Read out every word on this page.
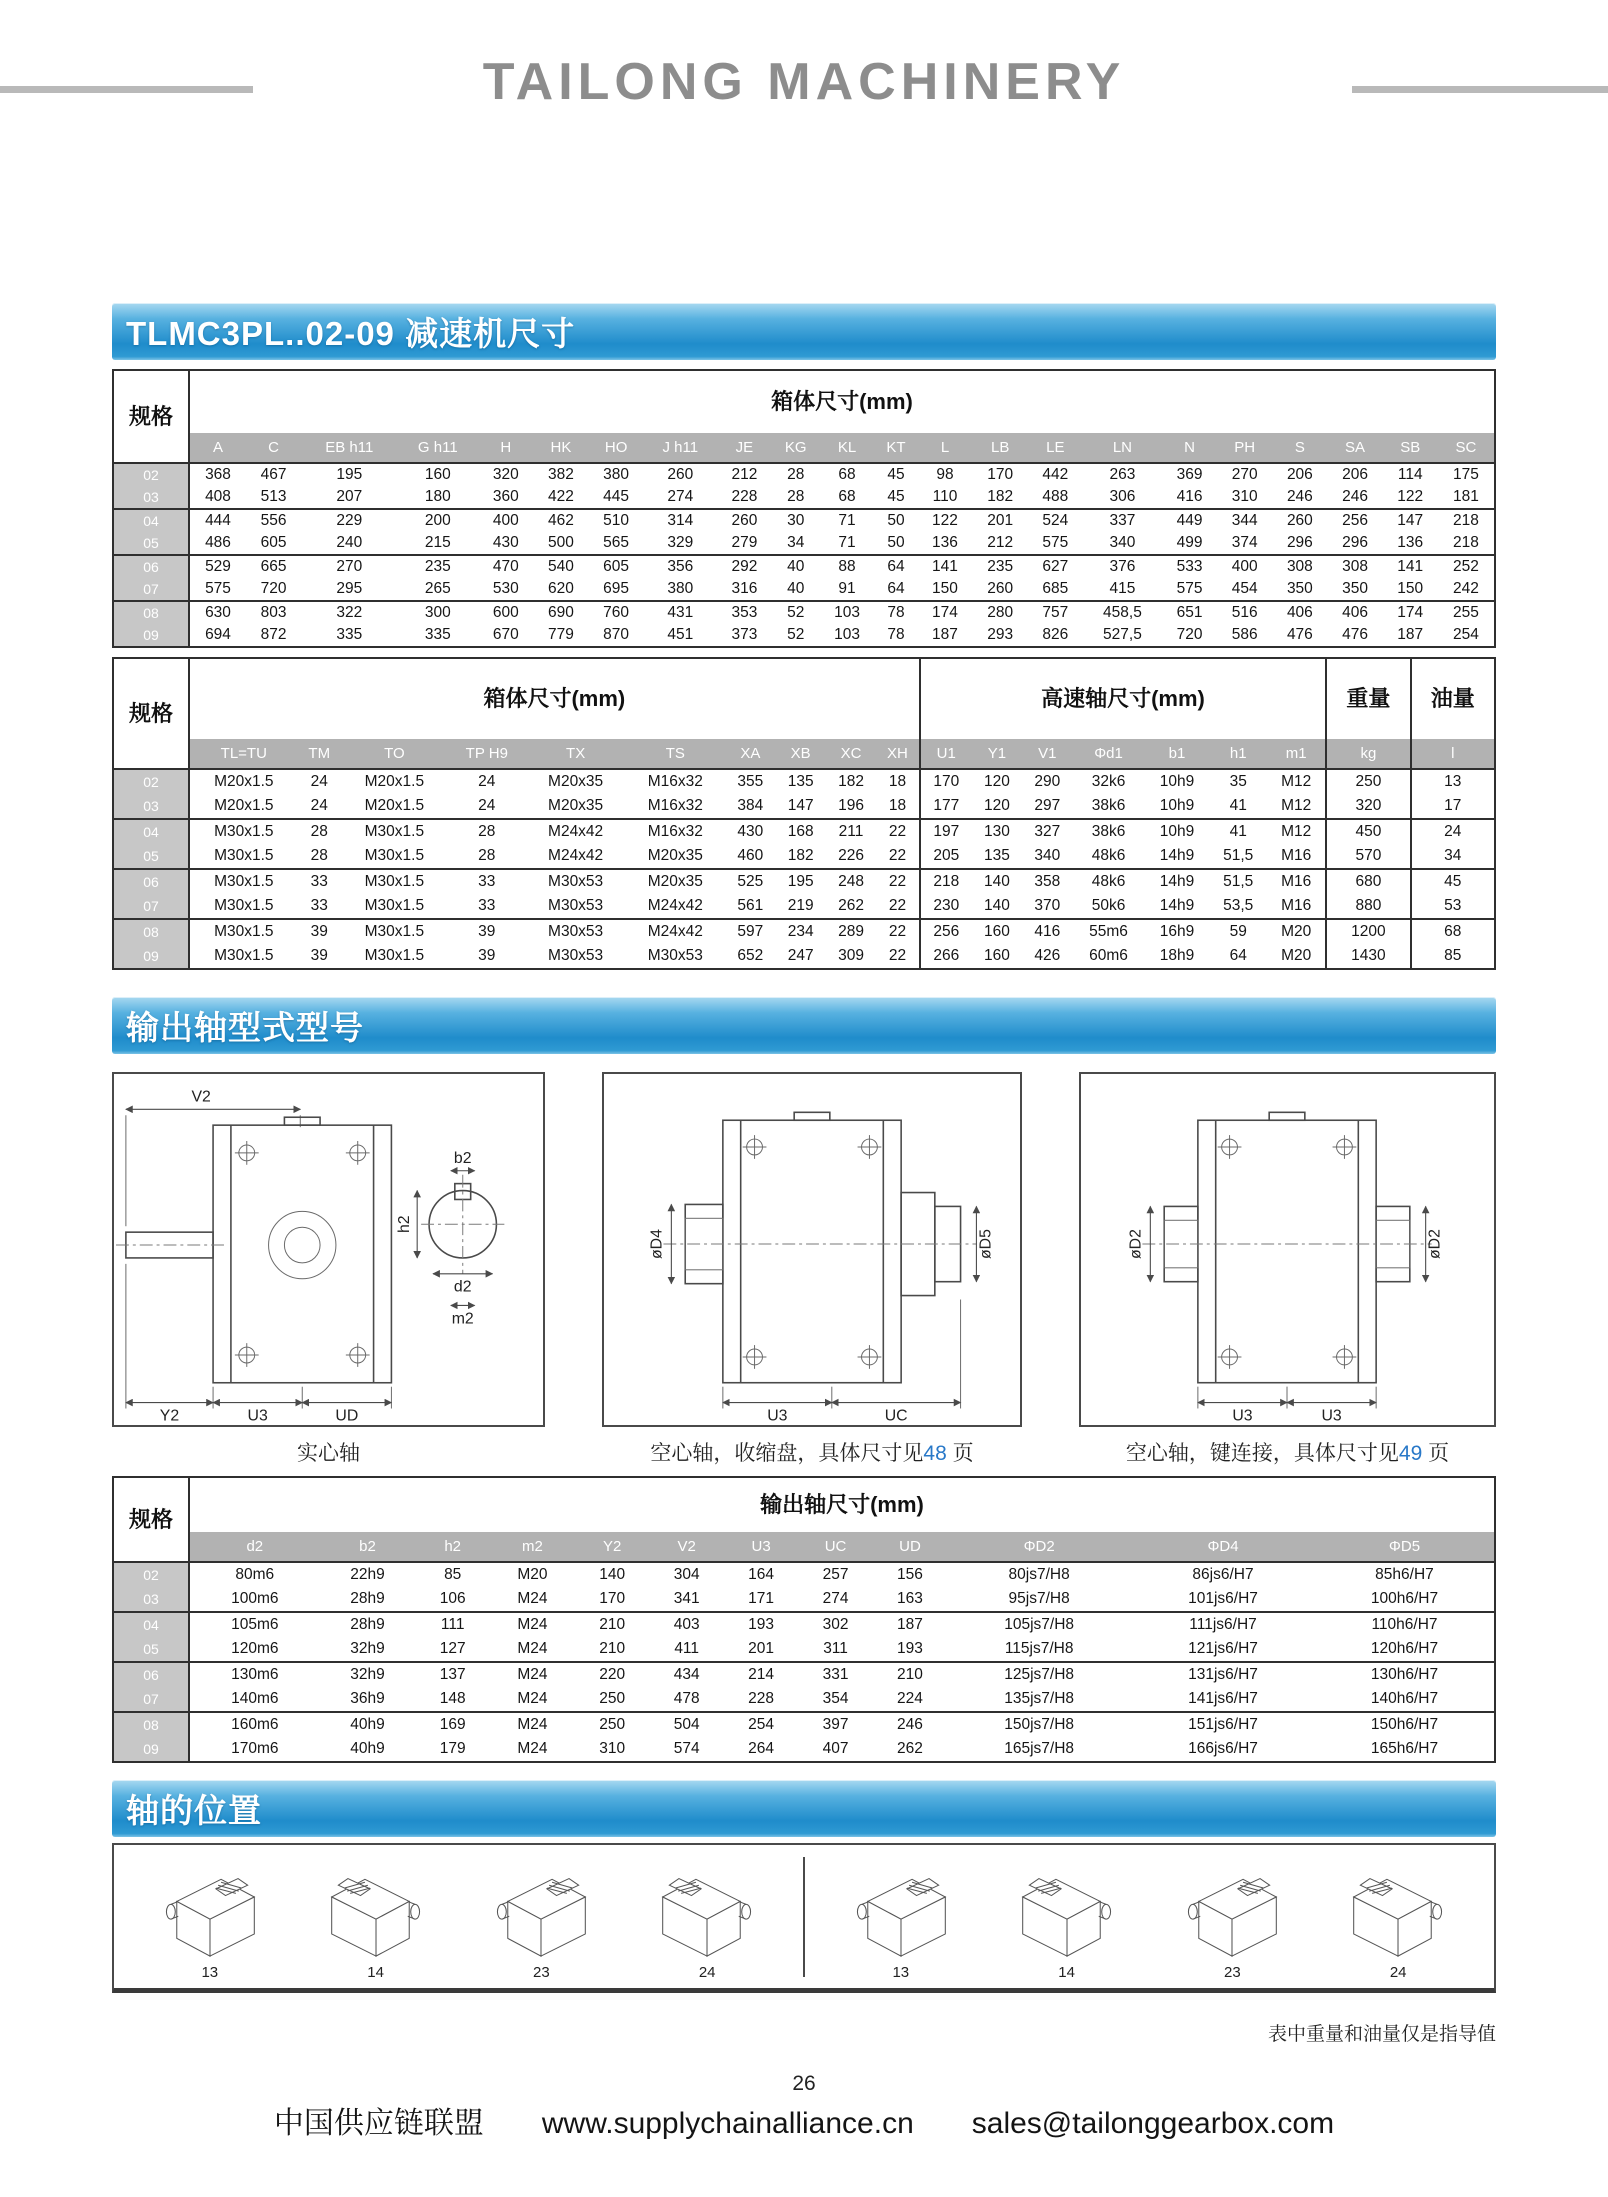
TAILONG MACHINERY
TLMC3PL..02-09 减速机尺寸
规格	箱体尺寸(mm)																					
	A	C	EB h11	G h11	H	HK	HO	J h11	JE	KG	KL	KT	L	LB	LE	LN	N	PH	S	SA	SB	SC
02	368	467	195	160	320	382	380	260	212	28	68	45	98	170	442	263	369	270	206	206	114	175
03	408	513	207	180	360	422	445	274	228	28	68	45	110	182	488	306	416	310	246	246	122	181
04	444	556	229	200	400	462	510	314	260	30	71	50	122	201	524	337	449	344	260	256	147	218
05	486	605	240	215	430	500	565	329	279	34	71	50	136	212	575	340	499	374	296	296	136	218
06	529	665	270	235	470	540	605	356	292	40	88	64	141	235	627	376	533	400	308	308	141	252
07	575	720	295	265	530	620	695	380	316	40	91	64	150	260	685	415	575	454	350	350	150	242
08	630	803	322	300	600	690	760	431	353	52	103	78	174	280	757	458,5	651	516	406	406	174	255
09	694	872	335	335	670	779	870	451	373	52	103	78	187	293	826	527,5	720	586	476	476	187	254
规格	箱体尺寸(mm)										高速轴尺寸(mm)							重量	油量
	TL=TU	TM	TO	TP H9	TX	TS	XA	XB	XC	XH	U1	Y1	V1	Φd1	b1	h1	m1	kg	l
02	M20x1.5	24	M20x1.5	24	M20x35	M16x32	355	135	182	18	170	120	290	32k6	10h9	35	M12	250	13
03	M20x1.5	24	M20x1.5	24	M20x35	M16x32	384	147	196	18	177	120	297	38k6	10h9	41	M12	320	17
04	M30x1.5	28	M30x1.5	28	M24x42	M16x32	430	168	211	22	197	130	327	38k6	10h9	41	M12	450	24
05	M30x1.5	28	M30x1.5	28	M24x42	M20x35	460	182	226	22	205	135	340	48k6	14h9	51,5	M16	570	34
06	M30x1.5	33	M30x1.5	33	M30x53	M20x35	525	195	248	22	218	140	358	48k6	14h9	51,5	M16	680	45
07	M30x1.5	33	M30x1.5	33	M30x53	M24x42	561	219	262	22	230	140	370	50k6	14h9	53,5	M16	880	53
08	M30x1.5	39	M30x1.5	39	M30x53	M24x42	597	234	289	22	256	160	416	55m6	16h9	59	M20	1200	68
09	M30x1.5	39	M30x1.5	39	M30x53	M30x53	652	247	309	22	266	160	426	60m6	18h9	64	M20	1430	85
输出轴型式型号
V2
Y2	U3	UD
b2
h2
d2
m2
øD4	øD5
U3	UC
øD2	øD2
U3	U3
实心轴	空心轴，收缩盘，具体尺寸见48 页	空心轴，键连接，具体尺寸见49 页
规格	输出轴尺寸(mm)											
	d2	b2	h2	m2	Y2	V2	U3	UC	UD	ΦD2	ΦD4	ΦD5
02	80m6	22h9	85	M20	140	304	164	257	156	80js7/H8	86js6/H7	85h6/H7
03	100m6	28h9	106	M24	170	341	171	274	163	95js7/H8	101js6/H7	100h6/H7
04	105m6	28h9	111	M24	210	403	193	302	187	105js7/H8	111js6/H7	110h6/H7
05	120m6	32h9	127	M24	210	411	201	311	193	115js7/H8	121js6/H7	120h6/H7
06	130m6	32h9	137	M24	220	434	214	331	210	125js7/H8	131js6/H7	130h6/H7
07	140m6	36h9	148	M24	250	478	228	354	224	135js7/H8	141js6/H7	140h6/H7
08	160m6	40h9	169	M24	250	504	254	397	246	150js7/H8	151js6/H7	150h6/H7
09	170m6	40h9	179	M24	310	574	264	407	262	165js7/H8	166js6/H7	165h6/H7
轴的位置
13	14	23	24	13	14	23	24
表中重量和油量仅是指导值
26
中国供应链联盟 www.supplychainalliance.cn sales@tailonggearbox.com
